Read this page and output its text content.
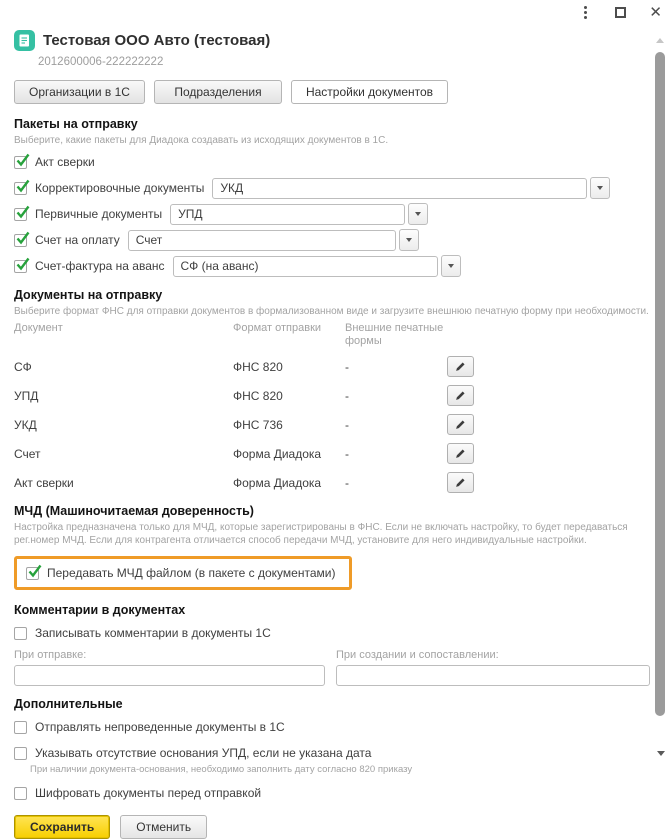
✕
Тестовая ООО Авто (тестовая)
2012600006-222222222
Организации в 1С	Подразделения	Настройки документов
Пакеты на отправку
Выберите, какие пакеты для Диадока создавать из исходящих документов в 1С.
Акт сверки
Корректировочные документы	УКД
Первичные документы	УПД
Счет на оплату	Счет
Счет-фактура на аванс	СФ (на аванс)
Документы на отправку
Выберите формат ФНС для отправки документов в формализованном виде и загрузите внешнюю печатную форму при необходимости.
Документ	Формат отправки	Внешние печатные формы
СФ	ФНС 820	-
УПД	ФНС 820	-
УКД	ФНС 736	-
Счет	Форма Диадока	-
Акт сверки	Форма Диадока	-
МЧД (Машиночитаемая доверенность)
Настройка предназначена только для МЧД, которые зарегистрированы в ФНС. Если не включать настройку, то будет передаваться рег.номер МЧД. Если для контрагента отличается способ передачи МЧД, установите для него индивидуальные настройки.
Передавать МЧД файлом (в пакете с документами)
Комментарии в документах
Записывать комментарии в документы 1С
При отправке:	При создании и сопоставлении:
Дополнительные
Отправлять непроведенные документы в 1С
Указывать отсутствие основания УПД, если не указана дата
При наличии документа-основания, необходимо заполнить дату согласно 820 приказу
Шифровать документы перед отправкой
Сохранить	Отменить
